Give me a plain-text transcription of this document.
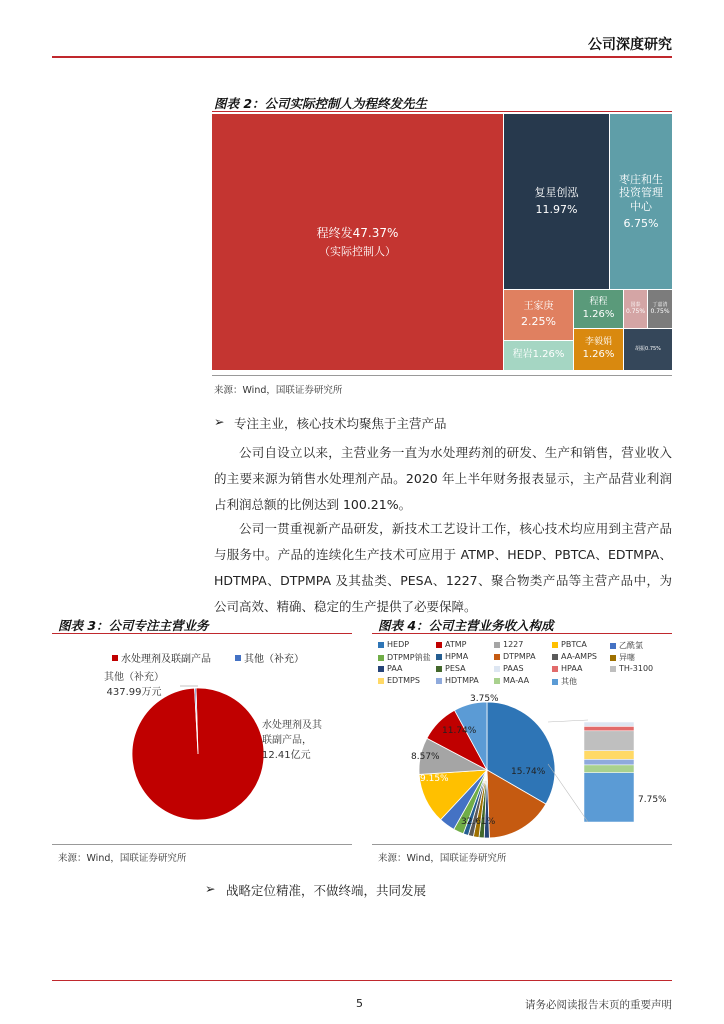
公司深度研究
图表 2：公司实际控制人为程终发先生
程终发47.37%
（实际控制人）
复星创泓
11.97%
枣庄和生投资管理中心
6.75%
王家庚
2.25%
程程
1.26%
国泰
0.75%
丁嘉清
0.75%
程岩1.26%
李毅娟
1.26%	胡振0.75%
来源：Wind，国联证券研究所
➢ 专注主业，核心技术均聚焦于主营产品
公司自设立以来，主营业务一直为水处理药剂的研发、生产和销售，营业收入的主要来源为销售水处理剂产品。2020 年上半年财务报表显示，主产品营业利润占利润总额的比例达到 100.21%。
公司一贯重视新产品研发，新技术工艺设计工作，核心技术均应用到主营产品与服务中。产品的连续化生产技术可应用于 ATMP、HEDP、PBTCA、EDTMPA、HDTMPA、DTPMPA 及其盐类、PESA、1227、聚合物类产品等主营产品中，为公司高效、精确、稳定的生产提供了必要保障。
图表 3：公司专注主营业务
水处理剂及联副产品	其他（补充）
其他（补充）
437.99万元
水处理剂及其
联副产品，
12.41亿元
来源：Wind，国联证券研究所
图表 4：公司主营业务收入构成
HEDP	ATMP	1227	PBTCA	乙酰氯
DTPMP钠盐 HPMA	DTPMPA	AA-AMPS	异噻
PAA	PESA	PAAS	HPAA	TH-3100
EDTMPS	HDTMPA	MA-AA	其他
3.75%
11.74%
8.57%
9.15%
15.74%
32.61%
7.75%
来源：Wind，国联证券研究所
➢ 战略定位精准，不做终端，共同发展
5	请务必阅读报告末页的重要声明
